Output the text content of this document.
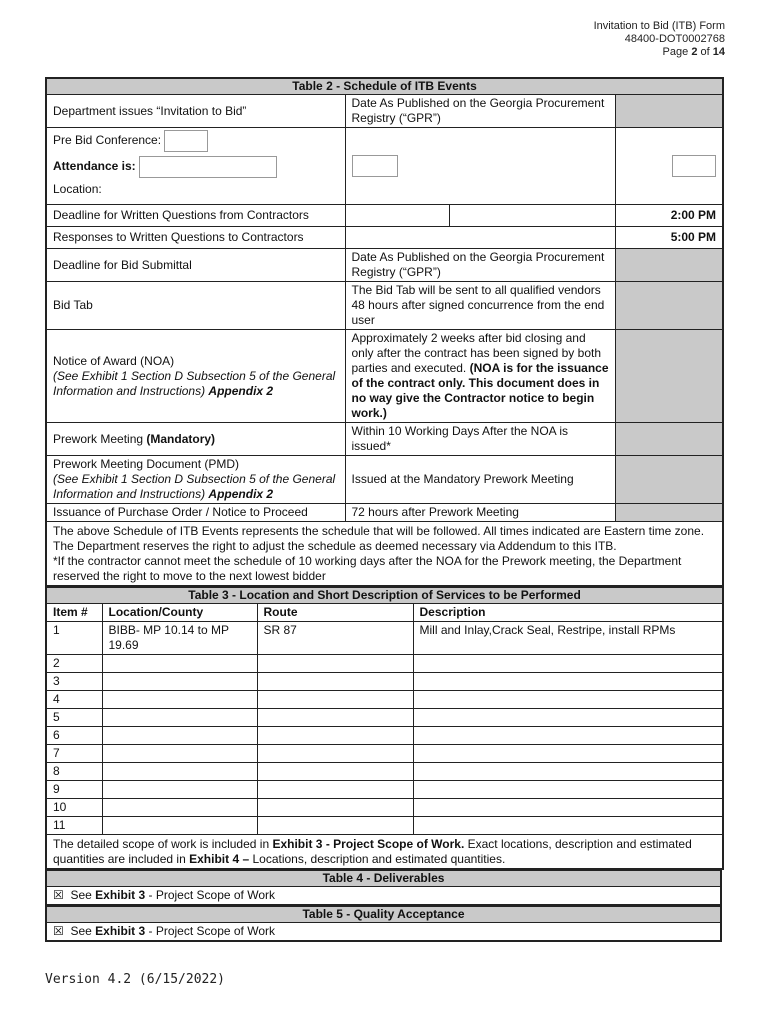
Invitation to Bid (ITB) Form
48400-DOT0002768
Page 2 of 14
Table 2 - Schedule of ITB Events			
Department issues “Invitation to Bid”	Date As Published on the Georgia Procurement Registry (“GPR”)		

Pre Bid Conference:
Attendance is:
Location:			

Deadline for Written Questions from Contractors			2:00 PM
Responses to Written Questions to Contractors			5:00 PM
Deadline for Bid Submittal	Date As Published on the Georgia Procurement Registry (“GPR”)		
Bid Tab	The Bid Tab will be sent to all qualified vendors 48 hours after signed concurrence from the end user		

Notice of Award (NOA)
(See Exhibit 1 Section D Subsection 5 of the General Information and Instructions) Appendix 2	Approximately 2 weeks after bid closing and only after the contract has been signed by both parties and executed. (NOA is for the issuance of the contract only. This document does in no way give the Contractor notice to begin work.)		
Prework Meeting (Mandatory)	Within 10 Working Days After the NOA is issued*		

Prework Meeting Document (PMD)
(See Exhibit 1 Section D Subsection 5 of the General Information and Instructions) Appendix 2	Issued at the Mandatory Prework Meeting		
Issuance of Purchase Order / Notice to Proceed	72 hours after Prework Meeting		

The above Schedule of ITB Events represents the schedule that will be followed. All times indicated are Eastern time zone. The Department reserves the right to adjust the schedule as deemed necessary via Addendum to this ITB.
*If the contractor cannot meet the schedule of 10 working days after the NOA for the Prework meeting, the Department reserved the right to move to the next lowest bidder			
Table 3 - Location and Short Description of Services to be Performed			
Item #	Location/County	Route	Description
1	BIBB- MP 10.14 to MP 19.69	SR 87	Mill and Inlay,Crack Seal, Restripe, install RPMs
2			
3			
4			
5			
6			
7			
8			
9			
10			
11			
The detailed scope of work is included in Exhibit 3 - Project Scope of Work. Exact locations, description and estimated quantities are included in Exhibit 4 – Locations, description and estimated quantities.			
Table 4 - Deliverables
☒ See Exhibit 3 - Project Scope of Work
Table 5 - Quality Acceptance
☒ See Exhibit 3 - Project Scope of Work
Version 4.2 (6/15/2022)
